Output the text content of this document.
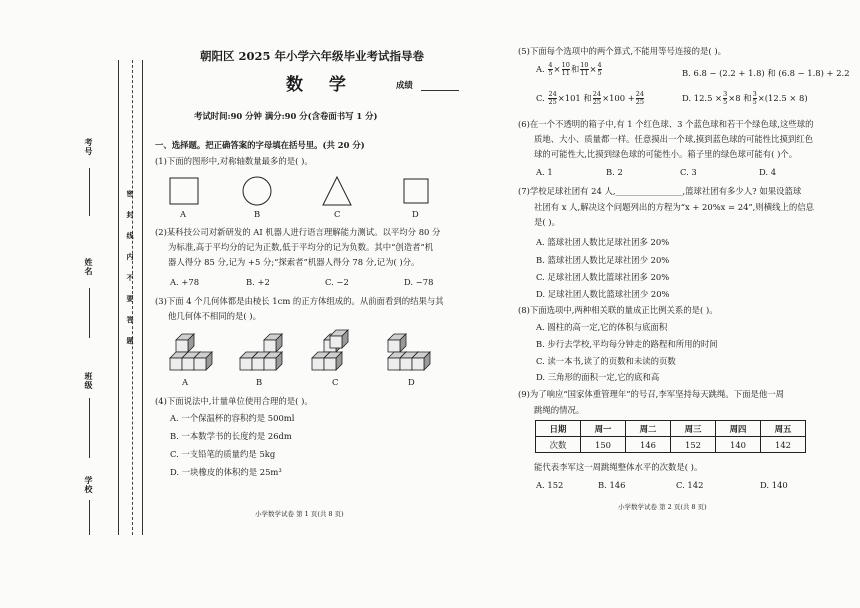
考号
姓名
班级
学校
密封线内不要答题
朝阳区 2025 年小学六年级毕业考试指导卷
数 学	成绩
考试时间:90 分钟 满分:90 分(含卷面书写 1 分)
一、选择题。把正确答案的字母填在括号里。(共 20 分)
(1)下面的图形中,对称轴数量最多的是( )。
A	B	C	D
(2)某科技公司对新研发的 AI 机器人进行语言理解能力测试。以平均分 80 分
为标准,高于平均分的记为正数,低于平均分的记为负数。其中“创造者”机
器人得分 85 分,记为 +5 分;“探索者”机器人得分 78 分,记为( )分。
A. +78	B. +2	C. −2	D. −78
(3)下面 4 个几何体都是由棱长 1cm 的正方体组成的。从前面看到的结果与其
他几何体不相同的是( )。
A	B	C	D
(4)下面说法中,计量单位使用合理的是( )。
A. 一个保温杯的容积约是 500ml
B. 一本数学书的长度约是 26dm
C. 一支铅笔的质量约是 5kg
D. 一块橡皮的体积约是 25m³
小学数学试卷 第 1 页(共 8 页)
(5)下面每个选项中的两个算式,不能用等号连接的是( )。
A. $\frac{4}{5} \times \frac{10}{11}$ 和 $\frac{10}{11} \times \frac{4}{5}$	B. 6.8 − (2.2 + 1.8) 和 (6.8 − 1.8) + 2.2
C. $\frac{24}{25} \times 101$ 和 $\frac{24}{25} \times 100 + \frac{24}{25}$	D. $12.5 \times \frac{3}{5} \times 8$ 和 $\frac{3}{5} \times(12.5 \times 8)$
(6)在一个不透明的箱子中,有 1 个红色球、3 个蓝色球和若干个绿色球,这些球的
质地、大小、质量都一样。任意摸出一个球,摸到蓝色球的可能性比摸到红色
球的可能性大,比摸到绿色球的可能性小。箱子里的绿色球可能有( )个。
A. 1	B. 2	C. 3	D. 4
(7)学校足球社团有 24 人,________________,篮球社团有多少人? 如果设篮球
社团有 x 人,解决这个问题列出的方程为“x + 20%x = 24”,则横线上的信息
是( )。
A. 篮球社团人数比足球社团多 20%
B. 篮球社团人数比足球社团少 20%
C. 足球社团人数比篮球社团多 20%
D. 足球社团人数比篮球社团少 20%
(8)下面选项中,两种相关联的量成正比例关系的是( )。
A. 圆柱的高一定,它的体积与底面积
B. 步行去学校,平均每分钟走的路程和所用的时间
C. 读一本书,读了的页数和未读的页数
D. 三角形的面积一定,它的底和高
(9)为了响应“国家体重管理年”的号召,李军坚持每天跳绳。下面是他一周
跳绳的情况。
日期	周一	周二	周三	周四	周五
次数	150	146	152	140	142
能代表李军这一周跳绳整体水平的次数是( )。
A. 152	B. 146	C. 142	D. 140
小学数学试卷 第 2 页(共 8 页)
